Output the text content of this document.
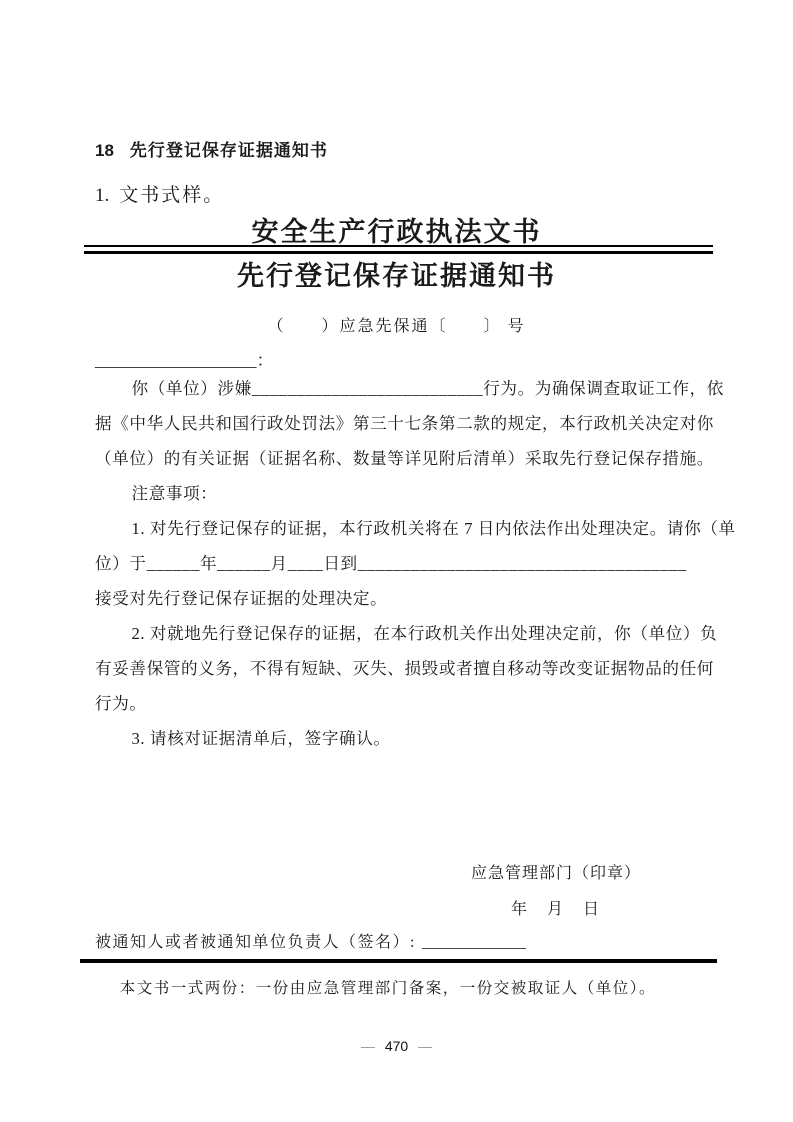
18 先行登记保存证据通知书
1. 文书式样。
安全生产行政执法文书
先行登记保存证据通知书
（　　）应急先保通〔　　〕 号
___________________：
你（单位）涉嫌__________________________行为。为确保调查取证工作，依
据《中华人民共和国行政处罚法》第三十七条第二款的规定，本行政机关决定对你
（单位）的有关证据（证据名称、数量等详见附后清单）采取先行登记保存措施。
注意事项：
1. 对先行登记保存的证据，本行政机关将在 7 日内依法作出处理决定。请你（单
位）于______年______月____日到_____________________________________
接受对先行登记保存证据的处理决定。
2. 对就地先行登记保存的证据，在本行政机关作出处理决定前，你（单位）负
有妥善保管的义务，不得有短缺、灭失、损毁或者擅自移动等改变证据物品的任何
行为。
3. 请核对证据清单后，签字确认。
应急管理部门（印章）
年　月　日
被通知人或者被通知单位负责人（签名）: _____________
本文书一式两份：一份由应急管理部门备案，一份交被取证人（单位）。
— 470 —
